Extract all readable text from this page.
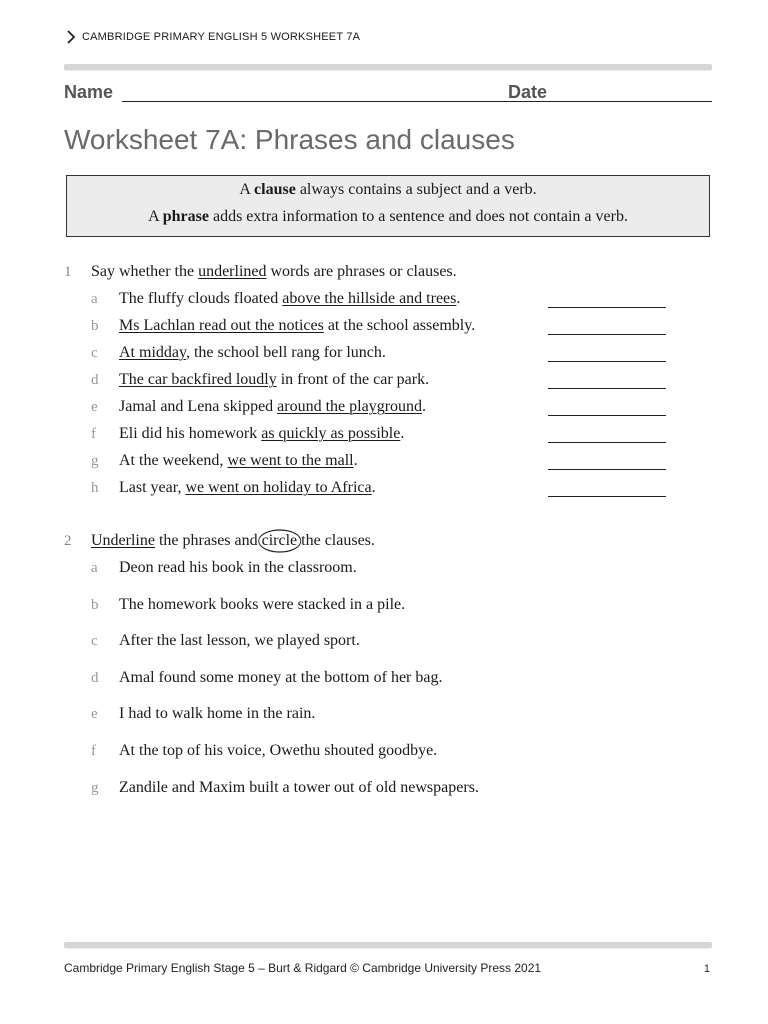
CAMBRIDGE PRIMARY ENGLISH 5 WORKSHEET 7A
Name	Date
Worksheet 7A: Phrases and clauses
A clause always contains a subject and a verb.
A phrase adds extra information to a sentence and does not contain a verb.
1 Say whether the underlined words are phrases or clauses.
a	The fluffy clouds floated above the hillside and trees.
b	Ms Lachlan read out the notices at the school assembly.
c	At midday, the school bell rang for lunch.
d	The car backfired loudly in front of the car park.
e	Jamal and Lena skipped around the playground.
f	Eli did his homework as quickly as possible.
g	At the weekend, we went to the mall.
h	Last year, we went on holiday to Africa.
2 Underline the phrases and circle
the clauses.
a	Deon read his book in the classroom.
b	The homework books were stacked in a pile.
c	After the last lesson, we played sport.
d	Amal found some money at the bottom of her bag.
e	I had to walk home in the rain.
f	At the top of his voice, Owethu shouted goodbye.
g	Zandile and Maxim built a tower out of old newspapers.
Cambridge Primary English Stage 5 – Burt & Ridgard © Cambridge University Press 2021	1
